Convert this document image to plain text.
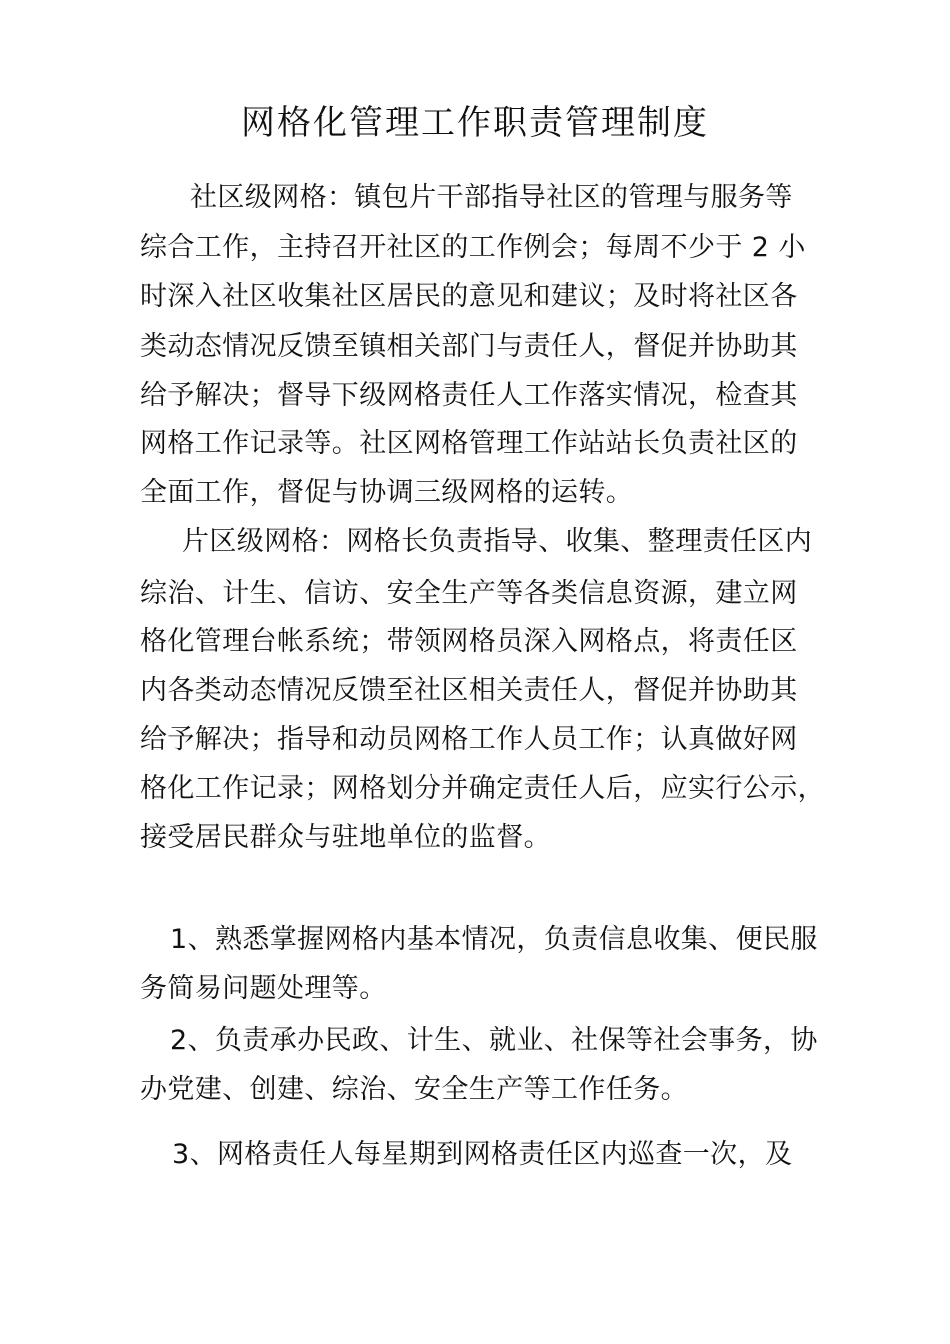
网格化管理工作职责管理制度
社区级网格：镇包片干部指导社区的管理与服务等
综合工作，主持召开社区的工作例会；每周不少于 2 小
时深入社区收集社区居民的意见和建议；及时将社区各
类动态情况反馈至镇相关部门与责任人，督促并协助其
给予解决；督导下级网格责任人工作落实情况，检查其
网格工作记录等。社区网格管理工作站站长负责社区的
全面工作，督促与协调三级网格的运转。
片区级网格：网格长负责指导、收集、整理责任区内
综治、计生、信访、安全生产等各类信息资源，建立网
格化管理台帐系统；带领网格员深入网格点，将责任区
内各类动态情况反馈至社区相关责任人，督促并协助其
给予解决；指导和动员网格工作人员工作；认真做好网
格化工作记录；网格划分并确定责任人后，应实行公示，
接受居民群众与驻地单位的监督。
1、熟悉掌握网格内基本情况，负责信息收集、便民服
务简易问题处理等。
2、负责承办民政、计生、就业、社保等社会事务，协
办党建、创建、综治、安全生产等工作任务。
3、网格责任人每星期到网格责任区内巡查一次，及
